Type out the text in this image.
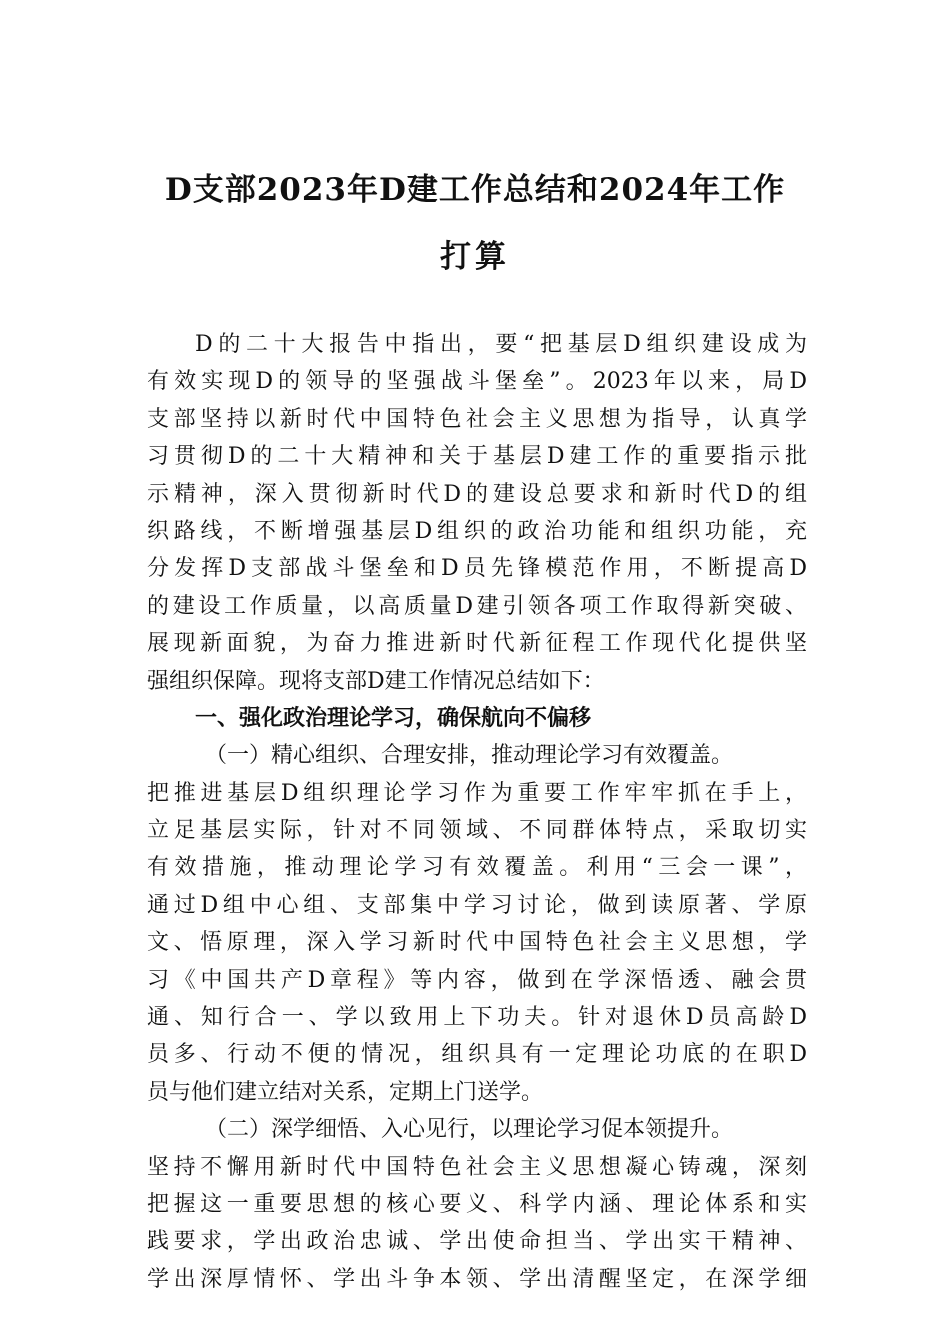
D支部2023年D建工作总结和2024年工作
打算
D的二十大报告中指出，要“把基层D组织建设成为
有效实现D的领导的坚强战斗堡垒”。2023年以来，局D
支部坚持以新时代中国特色社会主义思想为指导，认真学
习贯彻D的二十大精神和关于基层D建工作的重要指示批
示精神，深入贯彻新时代D的建设总要求和新时代D的组
织路线，不断增强基层D组织的政治功能和组织功能，充
分发挥D支部战斗堡垒和D员先锋模范作用，不断提高D
的建设工作质量，以高质量D建引领各项工作取得新突破、
展现新面貌，为奋力推进新时代新征程工作现代化提供坚
强组织保障。现将支部D建工作情况总结如下：
一、强化政治理论学习，确保航向不偏移
（一）精心组织、合理安排，推动理论学习有效覆盖。
把推进基层D组织理论学习作为重要工作牢牢抓在手上，
立足基层实际，针对不同领域、不同群体特点，采取切实
有效措施，推动理论学习有效覆盖。利用“三会一课”，
通过D组中心组、支部集中学习讨论，做到读原著、学原
文、悟原理，深入学习新时代中国特色社会主义思想，学
习《中国共产D章程》等内容，做到在学深悟透、融会贯
通、知行合一、学以致用上下功夫。针对退休D员高龄D
员多、行动不便的情况，组织具有一定理论功底的在职D
员与他们建立结对关系，定期上门送学。
（二）深学细悟、入心见行，以理论学习促本领提升。
坚持不懈用新时代中国特色社会主义思想凝心铸魂，深刻
把握这一重要思想的核心要义、科学内涵、理论体系和实
践要求，学出政治忠诚、学出使命担当、学出实干精神、
学出深厚情怀、学出斗争本领、学出清醒坚定，在深学细
